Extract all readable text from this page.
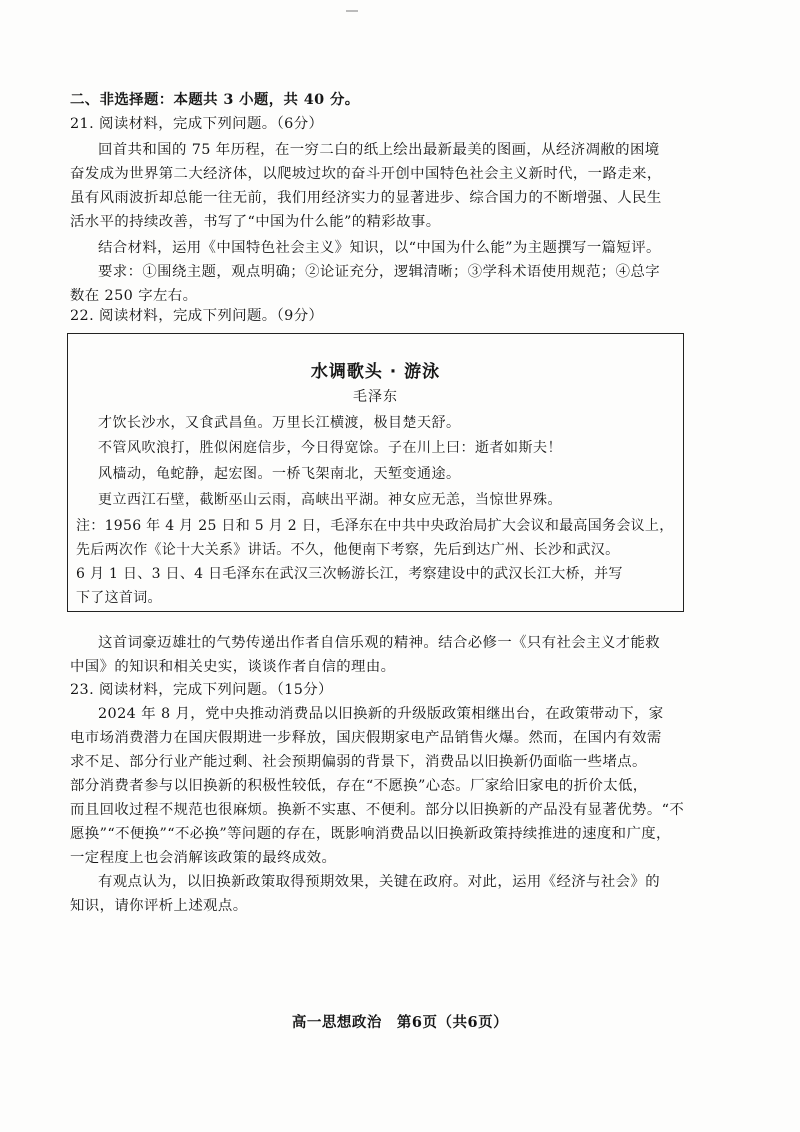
二、非选择题：本题共 3 小题，共 40 分。
21. 阅读材料，完成下列问题。（6分）
回首共和国的 75 年历程，在一穷二白的纸上绘出最新最美的图画，从经济凋敝的困境
奋发成为世界第二大经济体，以爬坡过坎的奋斗开创中国特色社会主义新时代，一路走来，
虽有风雨波折却总能一往无前，我们用经济实力的显著进步、综合国力的不断增强、人民生
活水平的持续改善，书写了“中国为什么能”的精彩故事。
结合材料，运用《中国特色社会主义》知识，以“中国为什么能”为主题撰写一篇短评。
要求：①围绕主题，观点明确；②论证充分，逻辑清晰；③学科术语使用规范；④总字
数在 250 字左右。
22. 阅读材料，完成下列问题。（9分）
水调歌头 · 游泳
毛泽东
才饮长沙水，又食武昌鱼。万里长江横渡，极目楚天舒。
不管风吹浪打，胜似闲庭信步，今日得宽馀。子在川上曰：逝者如斯夫！
风樯动，龟蛇静，起宏图。一桥飞架南北，天堑变通途。
更立西江石壁，截断巫山云雨，高峡出平湖。神女应无恙，当惊世界殊。
注：1956 年 4 月 25 日和 5 月 2 日，毛泽东在中共中央政治局扩大会议和最高国务会议上，
先后两次作《论十大关系》讲话。不久，他便南下考察，先后到达广州、长沙和武汉。
6 月 1 日、3 日、4 日毛泽东在武汉三次畅游长江，考察建设中的武汉长江大桥，并写
下了这首词。
这首词豪迈雄壮的气势传递出作者自信乐观的精神。结合必修一《只有社会主义才能救
中国》的知识和相关史实，谈谈作者自信的理由。
23. 阅读材料，完成下列问题。（15分）
2024 年 8 月，党中央推动消费品以旧换新的升级版政策相继出台，在政策带动下，家
电市场消费潜力在国庆假期进一步释放，国庆假期家电产品销售火爆。然而，在国内有效需
求不足、部分行业产能过剩、社会预期偏弱的背景下，消费品以旧换新仍面临一些堵点。
部分消费者参与以旧换新的积极性较低，存在“不愿换”心态。厂家给旧家电的折价太低，
而且回收过程不规范也很麻烦。换新不实惠、不便利。部分以旧换新的产品没有显著优势。“不
愿换”“不便换”“不必换”等问题的存在，既影响消费品以旧换新政策持续推进的速度和广度，
一定程度上也会消解该政策的最终成效。
有观点认为，以旧换新政策取得预期效果，关键在政府。对此，运用《经济与社会》的
知识，请你评析上述观点。
高一思想政治　第6页（共6页）
